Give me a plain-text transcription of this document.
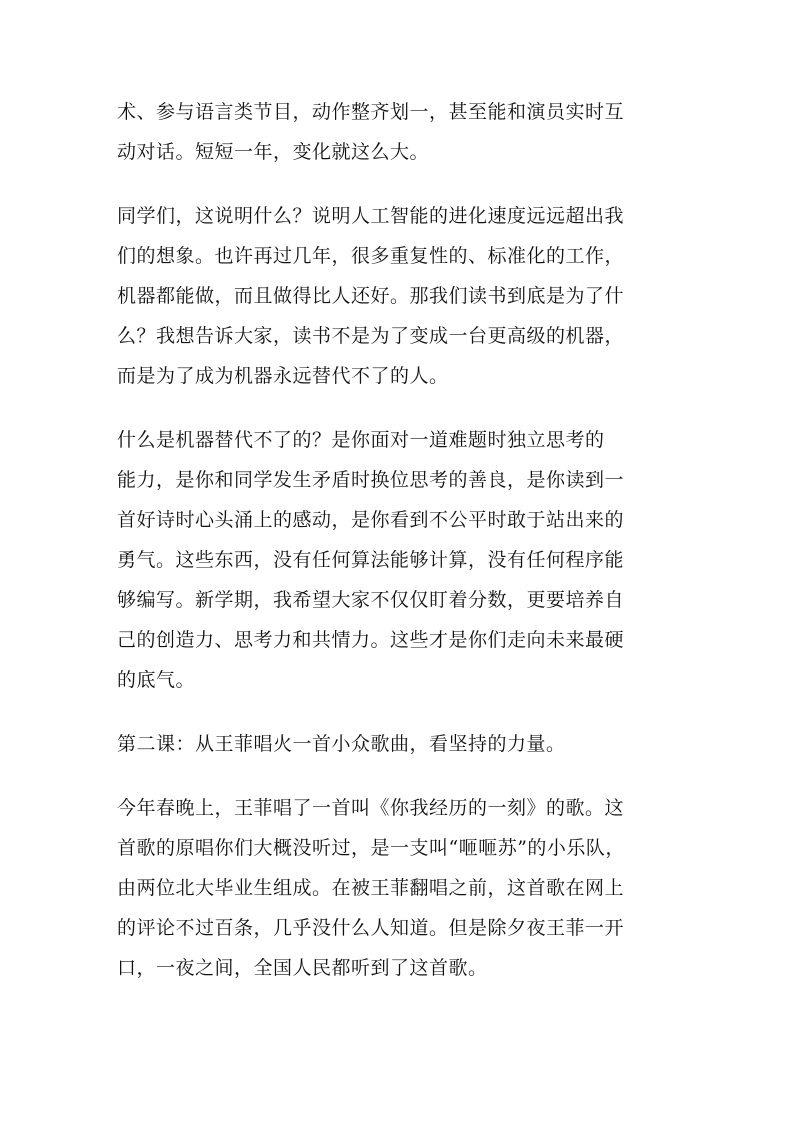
术、参与语言类节目，动作整齐划一，甚至能和演员实时互
动对话。短短一年，变化就这么大。

同学们，这说明什么？说明人工智能的进化速度远远超出我
们的想象。也许再过几年，很多重复性的、标准化的工作，
机器都能做，而且做得比人还好。那我们读书到底是为了什
么？我想告诉大家，读书不是为了变成一台更高级的机器，
而是为了成为机器永远替代不了的人。

什么是机器替代不了的？是你面对一道难题时独立思考的
能力，是你和同学发生矛盾时换位思考的善良，是你读到一
首好诗时心头涌上的感动，是你看到不公平时敢于站出来的
勇气。这些东西，没有任何算法能够计算，没有任何程序能
够编写。新学期，我希望大家不仅仅盯着分数，更要培养自
己的创造力、思考力和共情力。这些才是你们走向未来最硬
的底气。

第二课：从王菲唱火一首小众歌曲，看坚持的力量。

今年春晚上，王菲唱了一首叫《你我经历的一刻》的歌。这
首歌的原唱你们大概没听过，是一支叫“咂咂苏”的小乐队，
由两位北大毕业生组成。在被王菲翻唱之前，这首歌在网上
的评论不过百条，几乎没什么人知道。但是除夕夜王菲一开
口，一夜之间，全国人民都听到了这首歌。
